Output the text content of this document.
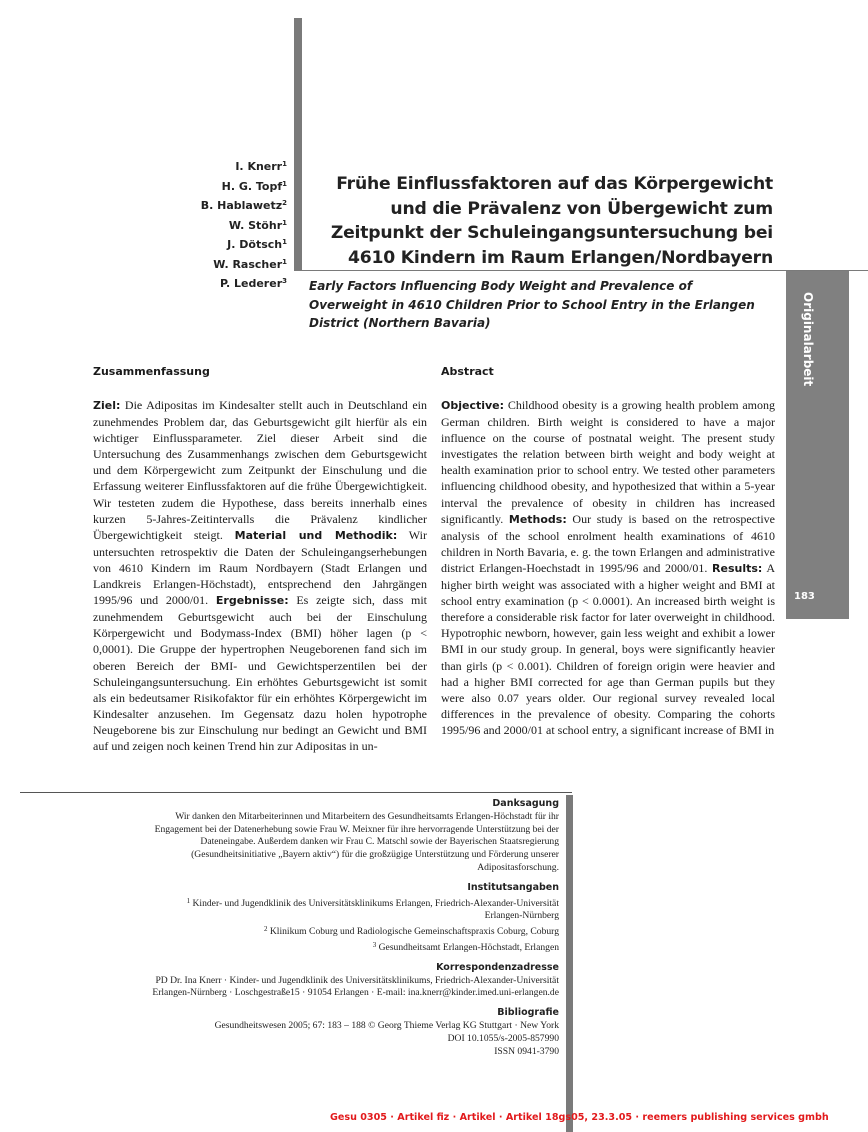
I. Knerr$^1$
H. G. Topf$^1$
B. Hablawetz$^2$
W. Stöhr$^1$
J. Dötsch$^1$
W. Rascher$^1$
P. Lederer$^3$
Frühe Einflussfaktoren auf das Körpergewicht und die Prävalenz von Übergewicht zum Zeitpunkt der Schuleingangsuntersuchung bei 4610 Kindern im Raum Erlangen/Nordbayern
Early Factors Influencing Body Weight and Prevalence of Overweight in 4610 Children Prior to School Entry in the Erlangen District (Northern Bavaria)	Originalarbeit
183
Zusammenfassung

Ziel: Die Adipositas im Kindesalter stellt auch in Deutschland ein zunehmendes Problem dar, das Geburtsgewicht gilt hierfür als ein wichtiger Einflussparameter. Ziel dieser Arbeit sind die Untersuchung des Zusammenhangs zwischen dem Geburtsgewicht und dem Körpergewicht zum Zeitpunkt der Einschulung und die Erfassung weiterer Einflussfaktoren auf die frühe Übergewichtigkeit. Wir testeten zudem die Hypothese, dass bereits innerhalb eines kurzen 5-Jahres-Zeitintervalls die Prävalenz kindlicher Übergewichtigkeit steigt. Material und Methodik: Wir untersuchten retrospektiv die Daten der Schuleingangserhebungen von 4610 Kindern im Raum Nordbayern (Stadt Erlangen und Landkreis Erlangen-Höchstadt), entsprechend den Jahrgängen 1995/96 und 2000/01. Ergebnisse: Es zeigte sich, dass mit zunehmendem Geburtsgewicht auch bei der Einschulung Körpergewicht und Bodymass-Index (BMI) höher lagen (p < 0,0001). Die Gruppe der hypertrophen Neugeborenen fand sich im oberen Bereich der BMI- und Gewichtsperzentilen bei der Schuleingangsuntersuchung. Ein erhöhtes Geburtsgewicht ist somit als ein bedeutsamer Risikofaktor für ein erhöhtes Körpergewicht im Kindesalter anzusehen. Im Gegensatz dazu holen hypotrophe Neugeborene bis zur Einschulung nur bedingt an Gewicht und BMI auf und zeigen noch keinen Trend hin zur Adipositas in un-

Abstract

Objective: Childhood obesity is a growing health problem among German children. Birth weight is considered to have a major influence on the course of postnatal weight. The present study investigates the relation between birth weight and body weight at health examination prior to school entry. We tested other parameters influencing childhood obesity, and hypothesized that within a 5-year interval the prevalence of obesity in children has increased significantly. Methods: Our study is based on the retrospective analysis of the school enrolment health examinations of 4610 children in North Bavaria, e. g. the town Erlangen and administrative district Erlangen-Hoechstadt in 1995/96 and 2000/01. Results: A higher birth weight was associated with a higher weight and BMI at school entry examination (p < 0.0001). An increased birth weight is therefore a considerable risk factor for later overweight in childhood. Hypotrophic newborn, however, gain less weight and exhibit a lower BMI in our study group. In general, boys were significantly heavier than girls (p < 0.001). Children of foreign origin were heavier and had a higher BMI corrected for age than German pupils but they were also 0.07 years older. Our regional survey revealed local differences in the prevalence of obesity. Comparing the cohorts 1995/96 and 2000/01 at school entry, a significant increase of BMI in

Danksagung
Wir danken den Mitarbeiterinnen und Mitarbeitern des Gesundheitsamts Erlangen-Höchstadt für ihr
Engagement bei der Datenerhebung sowie Frau W. Meixner für ihre hervorragende Unterstützung bei der
Dateneingabe. Außerdem danken wir Frau C. Matschl sowie der Bayerischen Staatsregierung
(Gesundheitsinitiative „Bayern aktiv“) für die großzügige Unterstützung und Förderung unserer
Adipositasforschung.
Institutsangaben
$^1$ Kinder- und Jugendklinik des Universitätsklinikums Erlangen, Friedrich-Alexander-Universität
Erlangen-Nürnberg
$^2$ Klinikum Coburg und Radiologische Gemeinschaftspraxis Coburg, Coburg
$^3$ Gesundheitsamt Erlangen-Höchstadt, Erlangen
Korrespondenzadresse
PD Dr. Ina Knerr · Kinder- und Jugendklinik des Universitätsklinikums, Friedrich-Alexander-Universität
Erlangen-Nürnberg · Loschgestraße15 · 91054 Erlangen · E-mail: ina.knerr@kinder.imed.uni-erlangen.de
Bibliografie
Gesundheitswesen 2005; 67: 183 – 188 © Georg Thieme Verlag KG Stuttgart · New York
DOI 10.1055/s-2005-857990
ISSN 0941-3790
Gesu 0305 · Artikel fiz · Artikel · Artikel 18gs05, 23.3.05 · reemers publishing services gmbh
